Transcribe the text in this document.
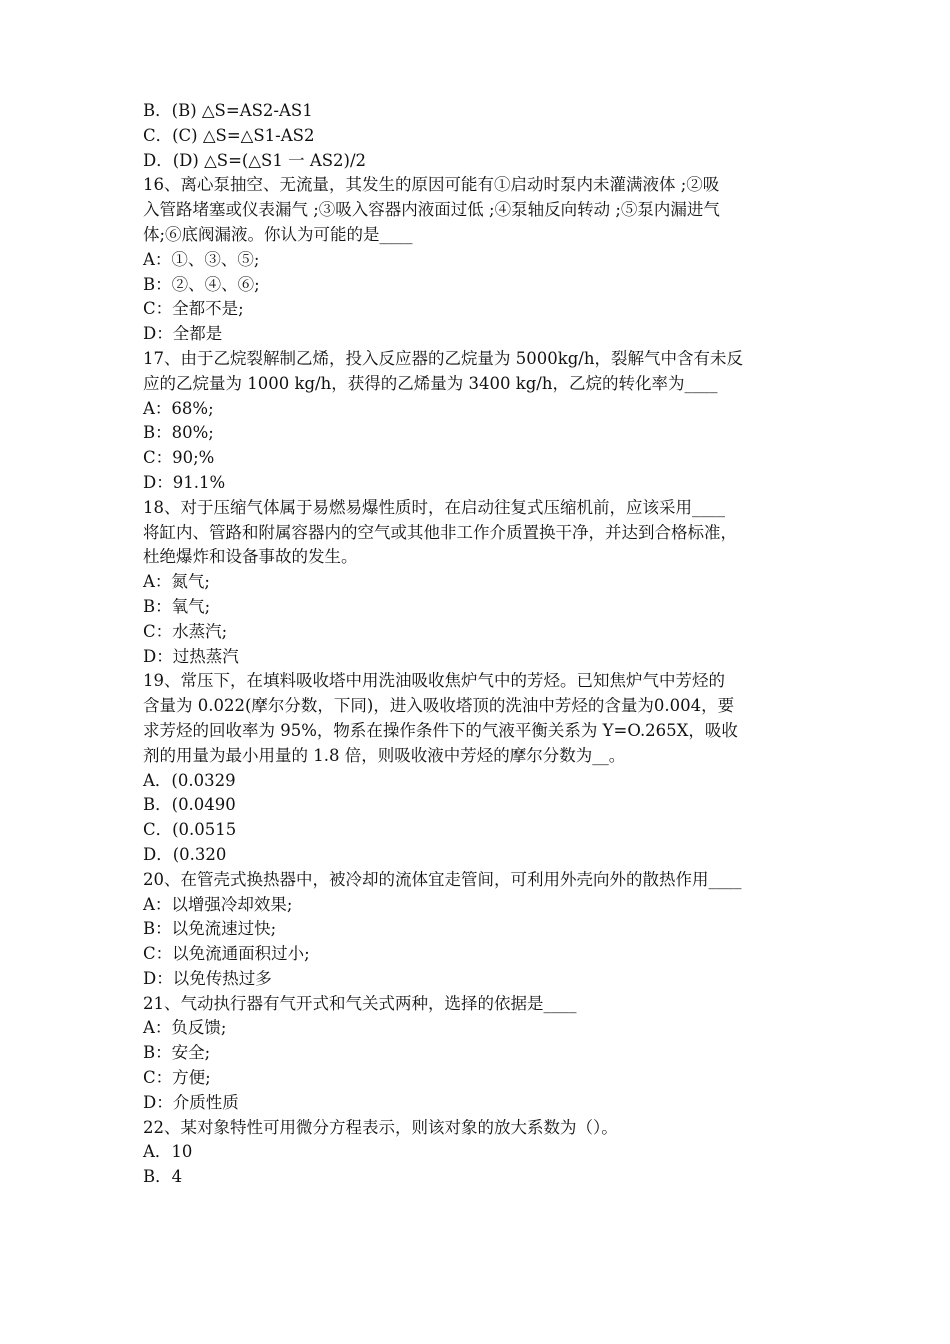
B．(B) △S=AS2-AS1
C．(C) △S=△S1-AS2
D．(D) △S=(△S1 一 AS2)/2
16、离心泵抽空、无流量，其发生的原因可能有①启动时泵内未灌满液体 ;②吸
入管路堵塞或仪表漏气 ;③吸入容器内液面过低 ;④泵轴反向转动 ;⑤泵内漏进气
体;⑥底阀漏液。你认为可能的是____
A：①、③、⑤;
B：②、④、⑥;
C：全都不是;
D：全都是
17、由于乙烷裂解制乙烯，投入反应器的乙烷量为 5000kg/h，裂解气中含有未反
应的乙烷量为 1000 kg/h，获得的乙烯量为 3400 kg/h，乙烷的转化率为____
A：68%;
B：80%;
C：90;%
D：91.1%
18、对于压缩气体属于易燃易爆性质时，在启动往复式压缩机前，应该采用____
将缸内、管路和附属容器内的空气或其他非工作介质置换干净，并达到合格标准，
杜绝爆炸和设备事故的发生。
A：氮气;
B：氧气;
C：水蒸汽;
D：过热蒸汽
19、常压下，在填料吸收塔中用洗油吸收焦炉气中的芳烃。已知焦炉气中芳烃的
含量为 0.022(摩尔分数，下同)，进入吸收塔顶的洗油中芳烃的含量为0.004，要
求芳烃的回收率为 95%，物系在操作条件下的气液平衡关系为 Y=O.265X，吸收
剂的用量为最小用量的 1.8 倍，则吸收液中芳烃的摩尔分数为__。
A．(0.0329
B．(0.0490
C．(0.0515
D．(0.320
20、在管壳式换热器中，被冷却的流体宜走管间，可利用外壳向外的散热作用____
A：以增强冷却效果;
B：以免流速过快;
C：以免流通面积过小;
D：以免传热过多
21、气动执行器有气开式和气关式两种，选择的依据是____
A：负反馈;
B：安全;
C：方便;
D：介质性质
22、某对象特性可用微分方程表示，则该对象的放大系数为（）。
A．10
B．4
